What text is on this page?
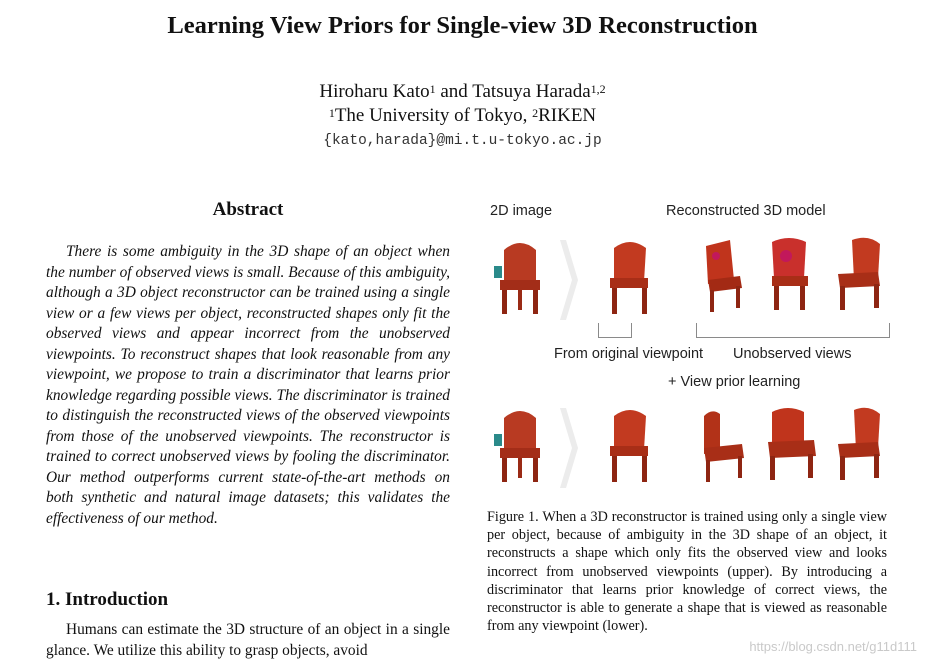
Learning View Priors for Single-view 3D Reconstruction
Hiroharu Kato$^1$ and Tatsuya Harada$^{1,2}$
$^1$The University of Tokyo, $^2$RIKEN
{kato,harada}@mi.t.u-tokyo.ac.jp
Abstract

There is some ambiguity in the 3D shape of an object when the number of observed views is small. Because of this ambiguity, although a 3D object reconstructor can be trained using a single view or a few views per object, reconstructed shapes only fit the observed views and appear incorrect from the unobserved viewpoints. To reconstruct shapes that look reasonable from any viewpoint, we propose to train a discriminator that learns prior knowledge regarding possible views. The discriminator is trained to distinguish the reconstructed views of the observed viewpoints from those of the unobserved viewpoints. The reconstructor is trained to correct unobserved views by fooling the discriminator. Our method outperforms current state-of-the-art methods on both synthetic and natural image datasets; this validates the effectiveness of our method.

1. Introduction

Humans can estimate the 3D structure of an object in a single glance. We utilize this ability to grasp objects, avoid

2D image	Reconstructed 3D model
From original viewpoint Unobserved views
+ View prior learning

Figure 1. When a 3D reconstructor is trained using only a single view per object, because of ambiguity in the 3D shape of an object, it reconstructs a shape which only fits the observed view and looks incorrect from unobserved viewpoints (upper). By introducing a discriminator that learns prior knowledge of correct views, the reconstructor is able to generate a shape that is viewed as reasonable from any viewpoint (lower).

https://blog.csdn.net/g11d111
